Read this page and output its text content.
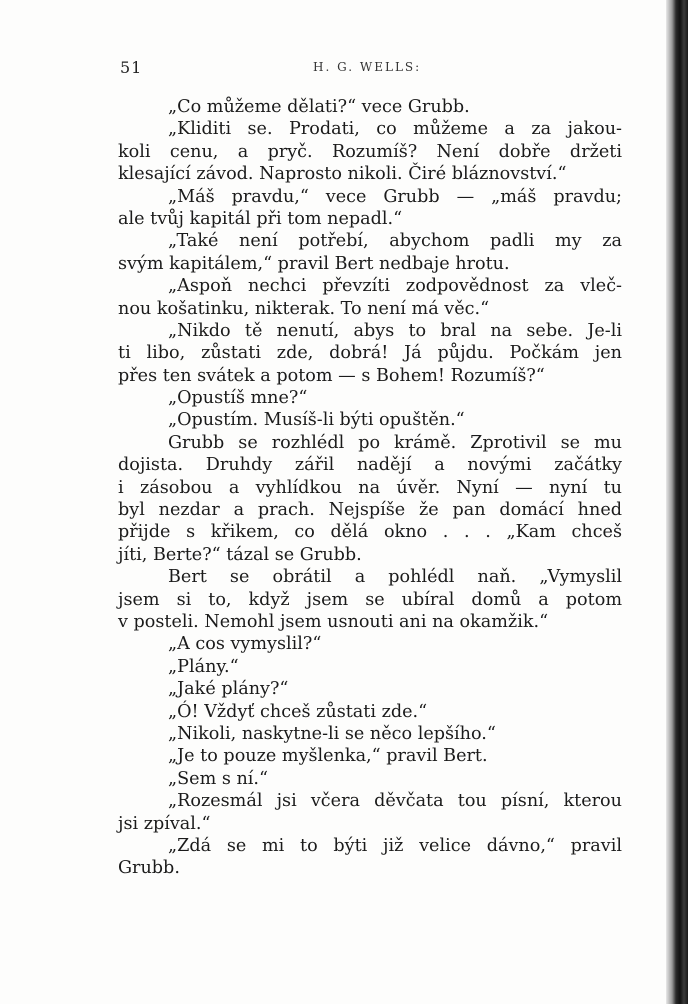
51	H. G. WELLS:
„Co můžeme dělati?“ vece Grubb.
„Kliditi se. Prodati, co můžeme a za jakou-
koli cenu, a pryč. Rozumíš? Není dobře držeti
klesající závod. Naprosto nikoli. Čiré bláznovství.“
„Máš pravdu,“ vece Grubb — „máš pravdu;
ale tvůj kapitál při tom nepadl.“
„Také není potřebí, abychom padli my za
svým kapitálem,“ pravil Bert nedbaje hrotu.
„Aspoň nechci převzíti zodpovědnost za vleč-
nou košatinku, nikterak. To není má věc.“
„Nikdo tě nenutí, abys to bral na sebe. Je-li
ti libo, zůstati zde, dobrá! Já půjdu. Počkám jen
přes ten svátek a potom — s Bohem! Rozumíš?“
„Opustíš mne?“
„Opustím. Musíš-li býti opuštěn.“
Grubb se rozhlédl po krámě. Zprotivil se mu
dojista. Druhdy zářil nadějí a novými začátky
i zásobou a vyhlídkou na úvěr. Nyní — nyní tu
byl nezdar a prach. Nejspíše že pan domácí hned
přijde s křikem, co dělá okno . . . „Kam chceš
jíti, Berte?“ tázal se Grubb.
Bert se obrátil a pohlédl naň. „Vymyslil
jsem si to, když jsem se ubíral domů a potom
v posteli. Nemohl jsem usnouti ani na okamžik.“
„A cos vymyslil?“
„Plány.“
„Jaké plány?“
„Ó! Vždyť chceš zůstati zde.“
„Nikoli, naskytne-li se něco lepšího.“
„Je to pouze myšlenka,“ pravil Bert.
„Sem s ní.“
„Rozesmál jsi včera děvčata tou písní, kterou
jsi zpíval.“
„Zdá se mi to býti již velice dávno,“ pravil
Grubb.
